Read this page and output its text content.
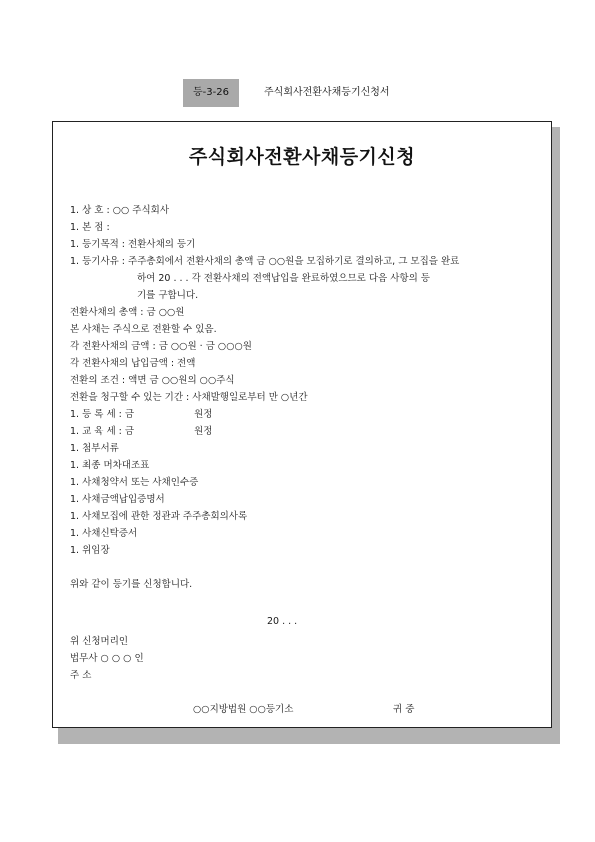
등-3-26	주식회사전환사채등기신청서
주식회사전환사채등기신청
1. 상 호 : ○○ 주식회사
1. 본 점 :
1. 등기목적 : 전환사채의 등기
1. 등기사유 : 주주총회에서 전환사채의 총액 금 ○○원을 모집하기로 결의하고, 그 모집을 완료
하여 20 . . . 각 전환사채의 전액납입을 완료하였으므로 다음 사항의 등
기를 구합니다.
전환사채의 총액 : 금 ○○원
본 사채는 주식으로 전환할 수 있음.
각 전환사채의 금액 : 금 ○○원 · 금 ○○○원
각 전환사채의 납입금액 : 전액
전환의 조건 : 액면 금 ○○원의 ○○주식
전환을 청구할 수 있는 기간 : 사채발행일로부터 만 ○년간
1. 등 록 세 : 금	원정
1. 교 육 세 : 금	원정
1. 첨부서류
1. 최종 머차대조표
1. 사채청약서 또는 사채인수증
1. 사채금액납입증명서
1. 사채모집에 관한 정관과 주주총회의사록
1. 사채신탁증서
1. 위임장
위와 같이 등기를 신청합니다.
20 . . .
위 신청머리인
법무사 ○ ○ ○ 인
주 소
○○지방법원 ○○등기소	귀 중
